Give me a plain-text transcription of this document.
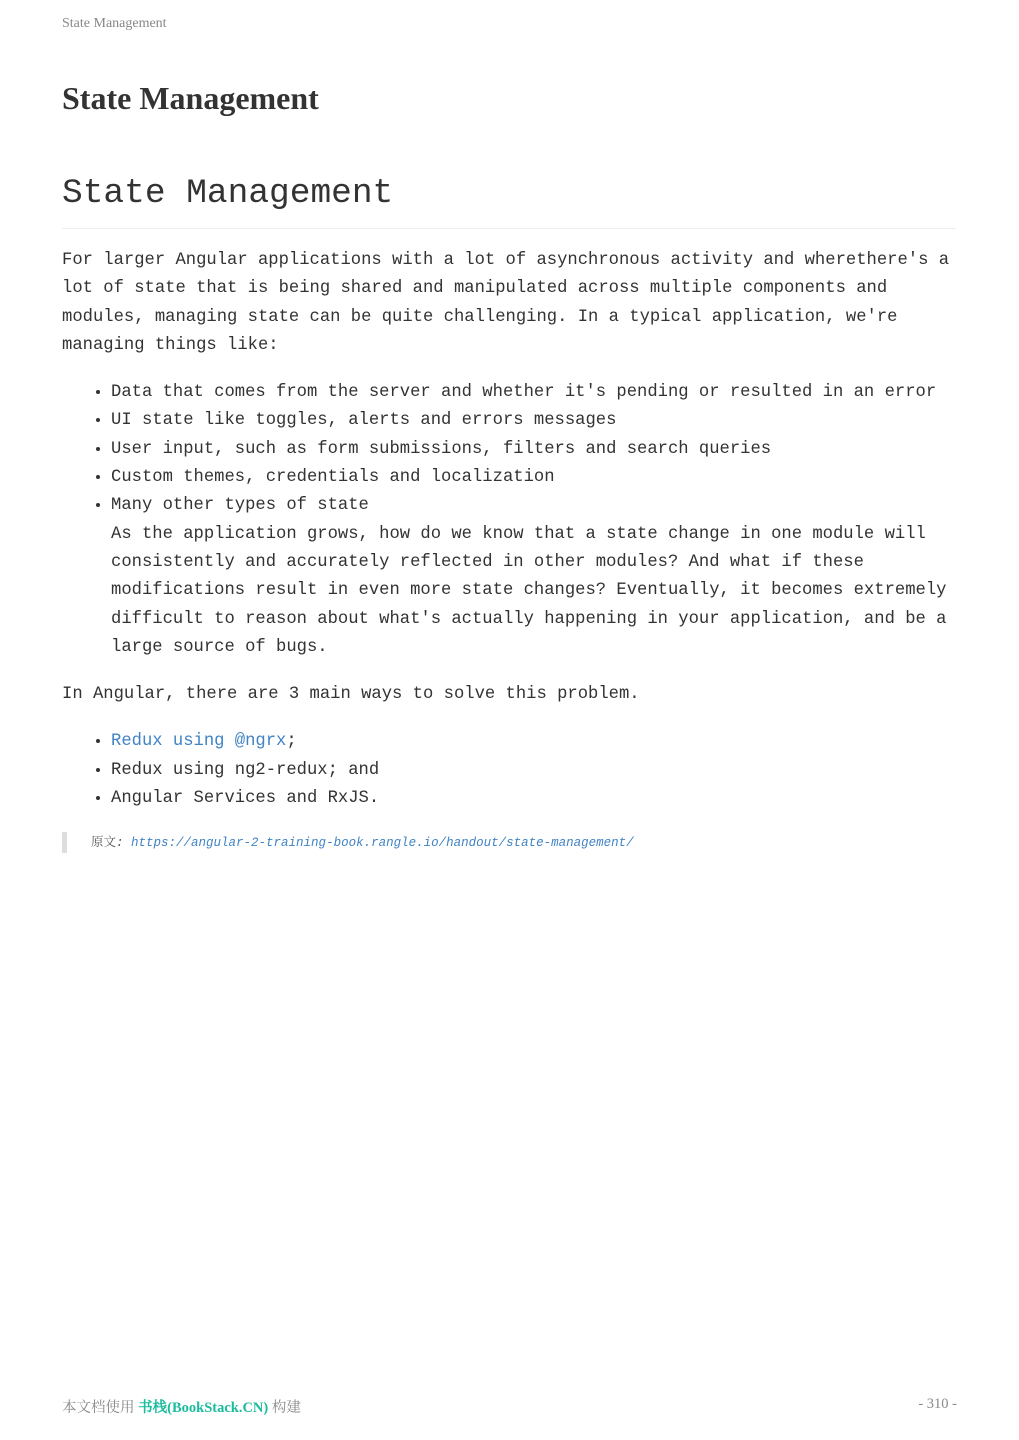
State Management
State Management
State Management

For larger Angular applications with a lot of asynchronous activity and wherethere's a lot of state that is being shared and manipulated across multiple components and modules, managing state can be quite challenging. In a typical application, we're managing things like:

• Data that comes from the server and whether it's pending or resulted in an error
• UI state like toggles, alerts and errors messages
• User input, such as form submissions, filters and search queries
• Custom themes, credentials and localization
• Many other types of state

As the application grows, how do we know that a state change in one module will consistently and accurately reflected in other modules? And what if these modifications result in even more state changes? Eventually, it becomes extremely difficult to reason about what's actually happening in your application, and be a large source of bugs.

In Angular, there are 3 main ways to solve this problem.

• Redux using @ngrx;
• Redux using ng2-redux; and
• Angular Services and RxJS.
原文: https://angular-2-training-book.rangle.io/handout/state-management/
本文档使用 书栈(BookStack.CN) 构建	- 310 -
